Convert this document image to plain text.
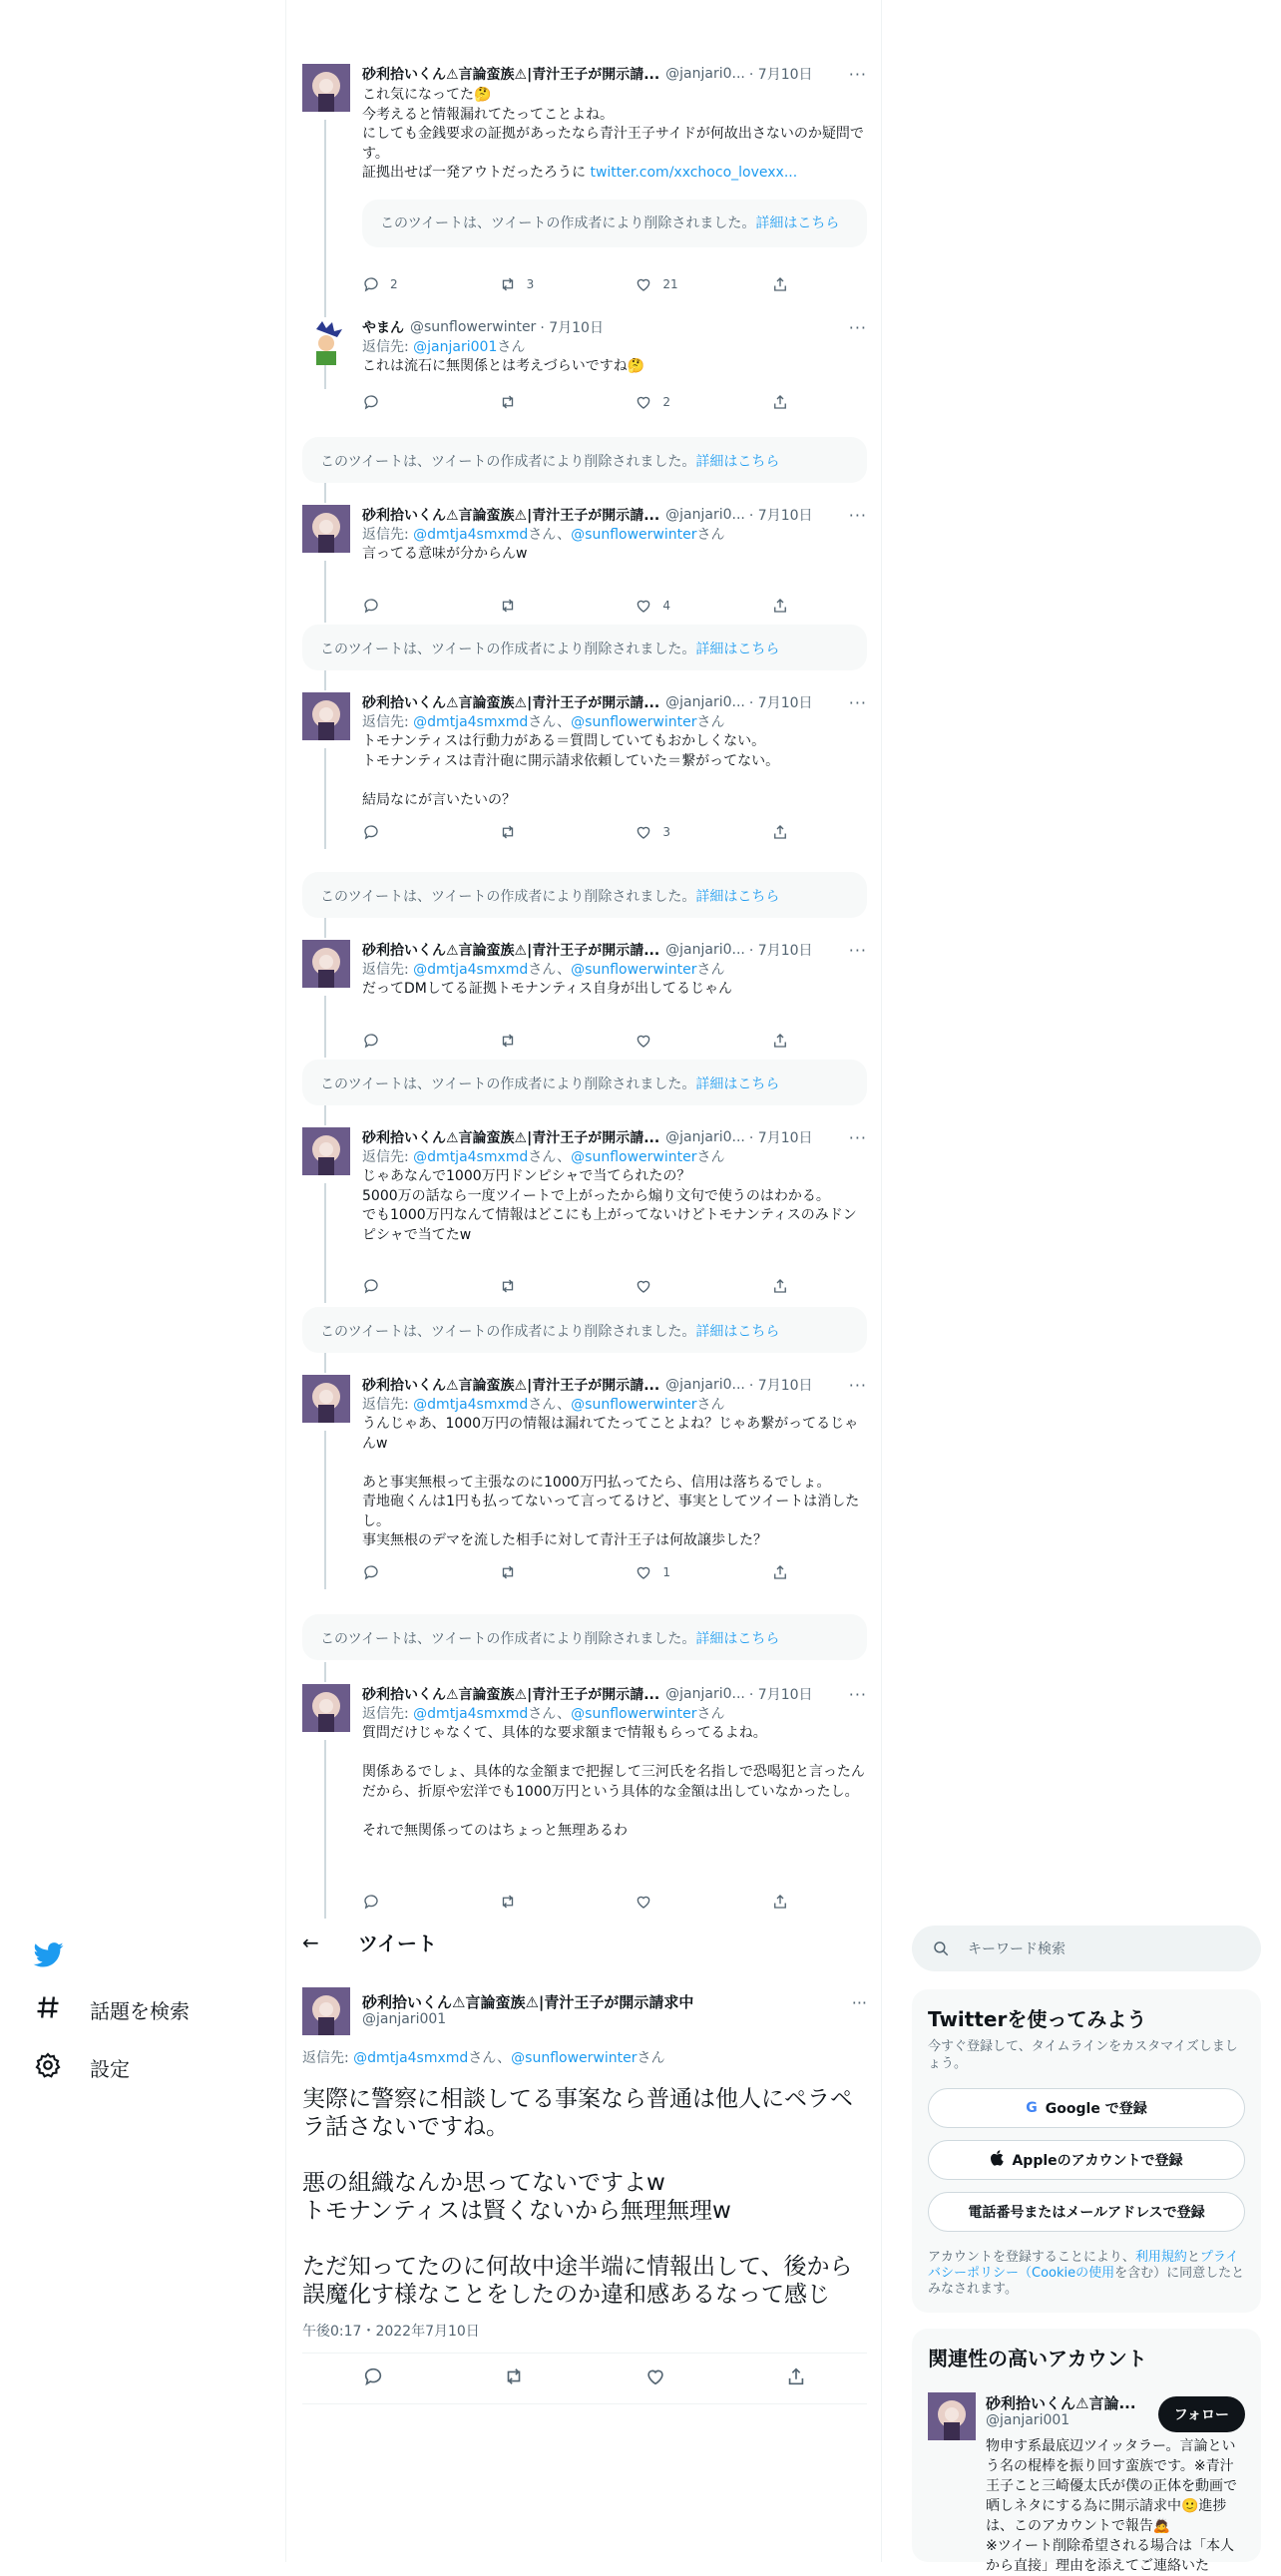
話題を検索
設定
砂利拾いくん⚠言論蛮族⚠|青汁王子が開示請... @janjari0... · 7月10日 ···
これ気になってた🤔
今考えると情報漏れてたってことよね。
にしても金銭要求の証拠があったなら青汁王子サイドが何故出さないのか疑問です。
証拠出せば一発アウトだったろうに twitter.com/xxchoco_lovexx...
このツイートは、ツイートの作成者により削除されました。詳細はこちら
2	3	21
やまん @sunflowerwinter · 7月10日	···
返信先: @janjari001さん
これは流石に無関係とは考えづらいですね🤔
2
このツイートは、ツイートの作成者により削除されました。詳細はこちら
このツイートは、ツイートの作成者により削除されました。詳細はこちら
このツイートは、ツイートの作成者により削除されました。詳細はこちら
このツイートは、ツイートの作成者により削除されました。詳細はこちら
このツイートは、ツイートの作成者により削除されました。詳細はこちら
このツイートは、ツイートの作成者により削除されました。詳細はこちら
砂利拾いくん⚠言論蛮族⚠|青汁王子が開示請... @janjari0... · 7月10日 ···
返信先: @dmtja4smxmdさん、@sunflowerwinterさん
言ってる意味が分からんw
4
砂利拾いくん⚠言論蛮族⚠|青汁王子が開示請... @janjari0... · 7月10日 ···
返信先: @dmtja4smxmdさん、@sunflowerwinterさん
トモナンティスは行動力がある＝質問していてもおかしくない。
トモナンティスは青汁砲に開示請求依頼していた＝繋がってない。

結局なにが言いたいの？
3
砂利拾いくん⚠言論蛮族⚠|青汁王子が開示請... @janjari0... · 7月10日 ···
返信先: @dmtja4smxmdさん、@sunflowerwinterさん
だってDMしてる証拠トモナンティス自身が出してるじゃん
砂利拾いくん⚠言論蛮族⚠|青汁王子が開示請... @janjari0... · 7月10日 ···
返信先: @dmtja4smxmdさん、@sunflowerwinterさん
じゃあなんで1000万円ドンピシャで当てられたの？
5000万の話なら一度ツイートで上がったから煽り文句で使うのはわかる。
でも1000万円なんて情報はどこにも上がってないけどトモナンティスのみドンピシャで当てたw
砂利拾いくん⚠言論蛮族⚠|青汁王子が開示請... @janjari0... · 7月10日 ···
返信先: @dmtja4smxmdさん、@sunflowerwinterさん
うんじゃあ、1000万円の情報は漏れてたってことよね？じゃあ繋がってるじゃんw

あと事実無根って主張なのに1000万円払ってたら、信用は落ちるでしょ。
青地砲くんは1円も払ってないって言ってるけど、事実としてツイートは消したし。
事実無根のデマを流した相手に対して青汁王子は何故譲歩した？
1
砂利拾いくん⚠言論蛮族⚠|青汁王子が開示請... @janjari0... · 7月10日 ···
返信先: @dmtja4smxmdさん、@sunflowerwinterさん
質問だけじゃなくて、具体的な要求額まで情報もらってるよね。

関係あるでしょ、具体的な金額まで把握して三河氏を名指しで恐喝犯と言ったんだから、折原や宏洋でも1000万円という具体的な金額は出していなかったし。

それで無関係ってのはちょっと無理あるわ
← ツイート
砂利拾いくん⚠言論蛮族⚠|青汁王子が開示請求中
@janjari001
···
返信先: @dmtja4smxmdさん、@sunflowerwinterさん
実際に警察に相談してる事案なら普通は他人にペラペラ話さないですね。

悪の組織なんか思ってないですよw
トモナンティスは賢くないから無理無理w

ただ知ってたのに何故中途半端に情報出して、後から誤魔化す様なことをしたのか違和感あるなって感じ
午後0:17・2022年7月10日
キーワード検索
Twitterを使ってみよう
今すぐ登録して、タイムラインをカスタマイズしましょう。
G Google で登録
Appleのアカウントで登録
電話番号またはメールアドレスで登録
アカウントを登録することにより、利用規約とプライバシーポリシー（Cookieの使用を含む）に同意したとみなされます。
関連性の高いアカウント
砂利拾いくん⚠言論...
@janjari001	フォロー
物申す系最底辺ツイッタラー。言論という名の棍棒を振り回す蛮族です。※青汁王子こと三崎優太氏が僕の正体を動画で晒しネタにする為に開示請求中🙂進捗は、このアカウントで報告🙇
※ツイート削除希望される場合は「本人から直接」理由を添えてご連絡いた
